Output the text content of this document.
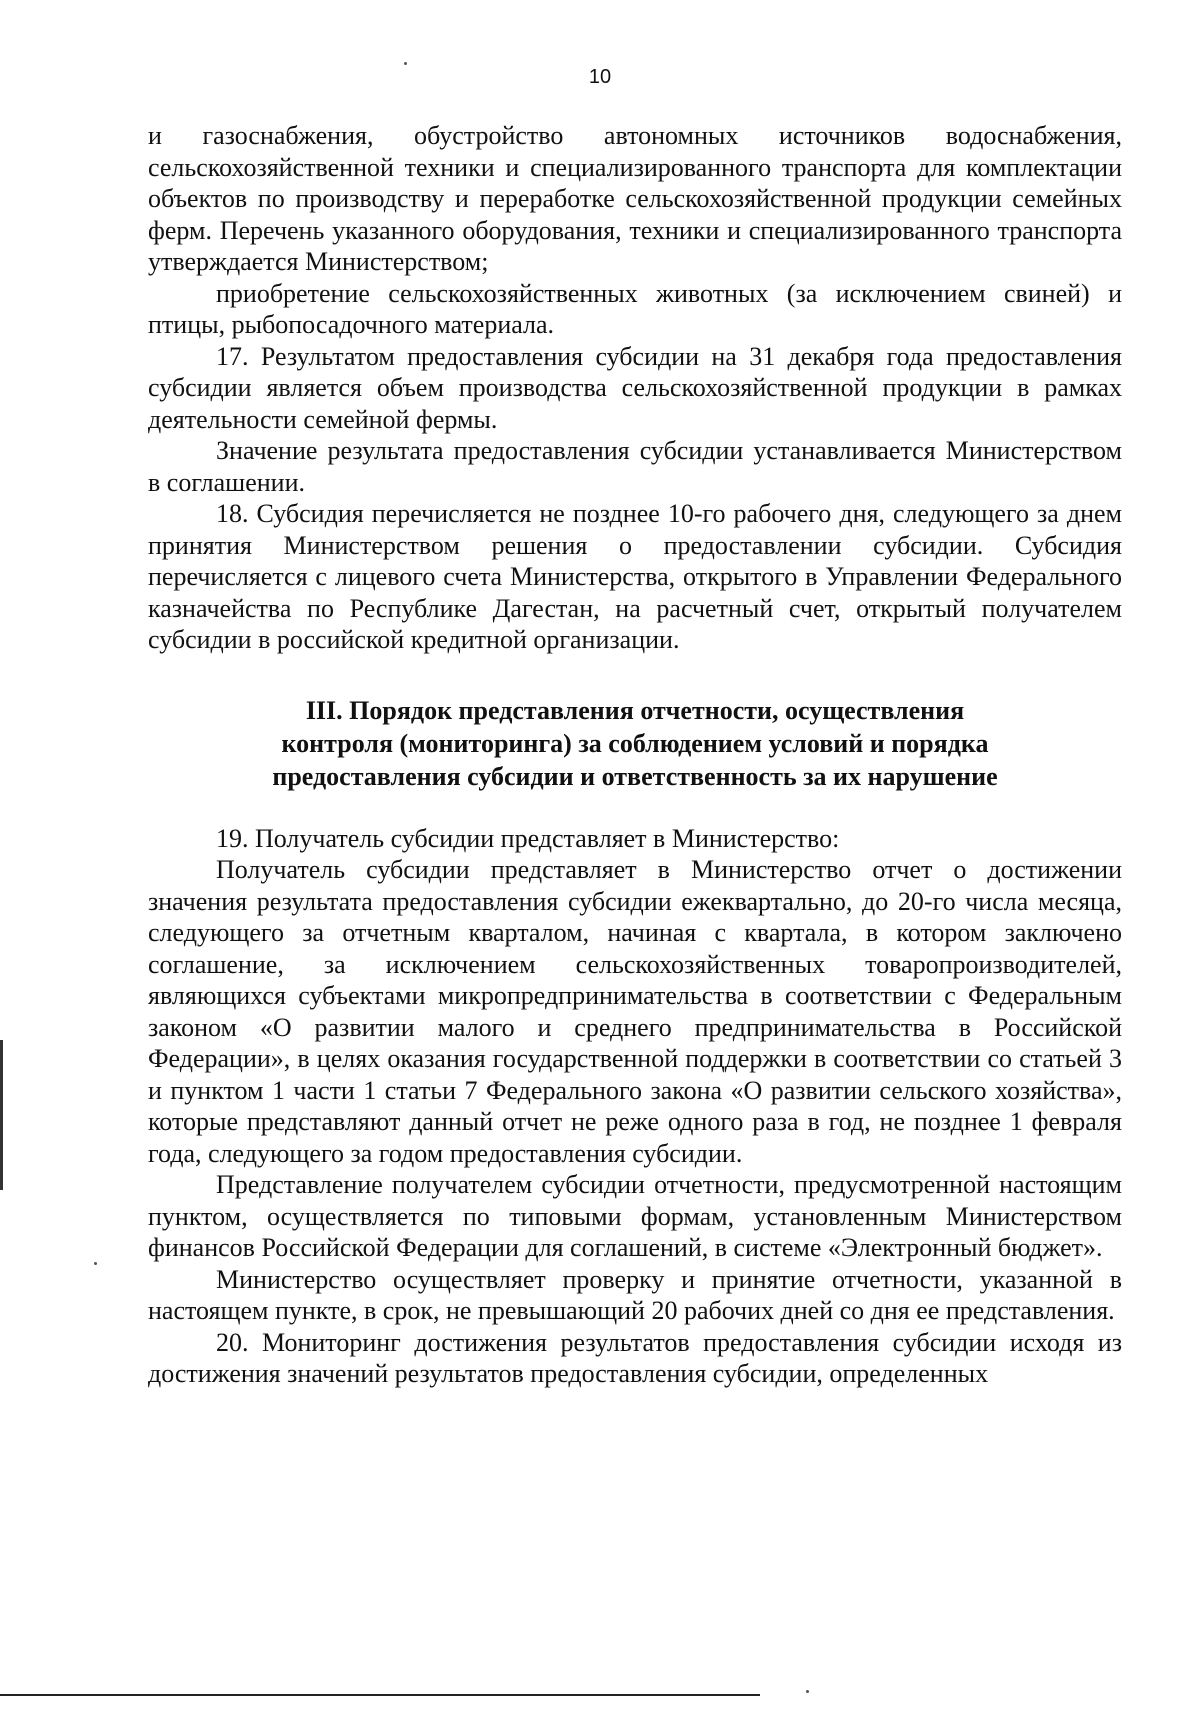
10

и газоснабжения, обустройство автономных источников водоснабжения, сельскохозяйственной техники и специализированного транспорта для комплектации объектов по производству и переработке сельскохозяйственной продукции семейных ферм. Перечень указанного оборудования, техники и специализированного транспорта утверждается Министерством;

приобретение сельскохозяйственных животных (за исключением свиней) и птицы, рыбопосадочного материала.

17. Результатом предоставления субсидии на 31 декабря года предоставления субсидии является объем производства сельскохозяйственной продукции в рамках деятельности семейной фермы.

Значение результата предоставления субсидии устанавливается Министерством в соглашении.

18. Субсидия перечисляется не позднее 10-го рабочего дня, следующего за днем принятия Министерством решения о предоставлении субсидии. Субсидия перечисляется с лицевого счета Министерства, открытого в Управлении Федерального казначейства по Республике Дагестан, на расчетный счет, открытый получателем субсидии в российской кредитной организации.

III. Порядок представления отчетности, осуществления
контроля (мониторинга) за соблюдением условий и порядка
предоставления субсидии и ответственность за их нарушение

19. Получатель субсидии представляет в Министерство:

Получатель субсидии представляет в Министерство отчет о достижении значения результата предоставления субсидии ежеквартально, до 20-го числа месяца, следующего за отчетным кварталом, начиная с квартала, в котором заключено соглашение, за исключением сельскохозяйственных товаропроизводителей, являющихся субъектами микропредпринимательства в соответствии с Федеральным законом «О развитии малого и среднего предпринимательства в Российской Федерации», в целях оказания государственной поддержки в соответствии со статьей 3 и пунктом 1 части 1 статьи 7 Федерального закона «О развитии сельского хозяйства», которые представляют данный отчет не реже одного раза в год, не позднее 1 февраля года, следующего за годом предоставления субсидии.

Представление получателем субсидии отчетности, предусмотренной настоящим пунктом, осуществляется по типовыми формам, установленным Министерством финансов Российской Федерации для соглашений, в системе «Электронный бюджет».

Министерство осуществляет проверку и принятие отчетности, указанной в настоящем пункте, в срок, не превышающий 20 рабочих дней со дня ее представления.

20. Мониторинг достижения результатов предоставления субсидии исходя из достижения значений результатов предоставления субсидии, определенных
